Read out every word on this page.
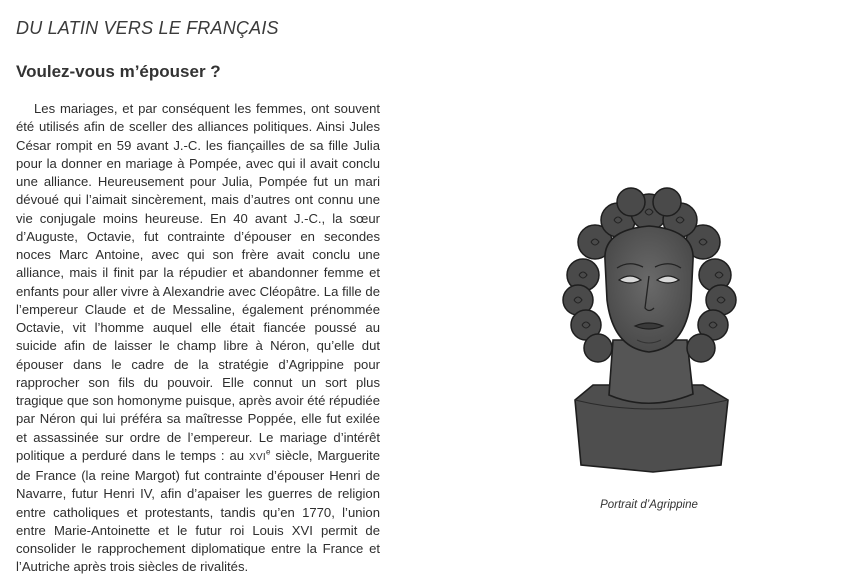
DU LATIN VERS LE FRANÇAIS
Voulez-vous m’épouser ?
Les mariages, et par conséquent les femmes, ont souvent été utilisés afin de sceller des alliances politiques. Ainsi Jules César rompit en 59 avant J.-C. les fiançailles de sa fille Julia pour la donner en mariage à Pompée, avec qui il avait conclu une alliance. Heureusement pour Julia, Pompée fut un mari dévoué qui l’aimait sincèrement, mais d’autres ont connu une vie conjugale moins heureuse. En 40 avant J.-C., la sœur d’Auguste, Octavie, fut contrainte d’épouser en secondes noces Marc Antoine, avec qui son frère avait conclu une alliance, mais il finit par la répudier et abandonner femme et enfants pour aller vivre à Alexandrie avec Cléopâtre. La fille de l’empereur Claude et de Messaline, également prénommée Octavie, vit l’homme auquel elle était fiancée poussé au suicide afin de laisser le champ libre à Néron, qu’elle dut épouser dans le cadre de la stratégie d’Agrippine pour rapprocher son fils du pouvoir. Elle connut un sort plus tragique que son homonyme puisque, après avoir été répudiée par Néron qui lui préféra sa maîtresse Poppée, elle fut exilée et assassinée sur ordre de l’empereur. Le mariage d’intérêt politique a perduré dans le temps : au XVIe siècle, Marguerite de France (la reine Margot) fut contrainte d’épouser Henri de Navarre, futur Henri IV, afin d’apaiser les guerres de religion entre catholiques et protestants, tandis qu’en 1770, l’union entre Marie-Antoinette et le futur roi Louis XVI permit de consolider le rapprochement diplomatique entre la France et l’Autriche après trois siècles de rivalités.
Portrait d’Agrippine
